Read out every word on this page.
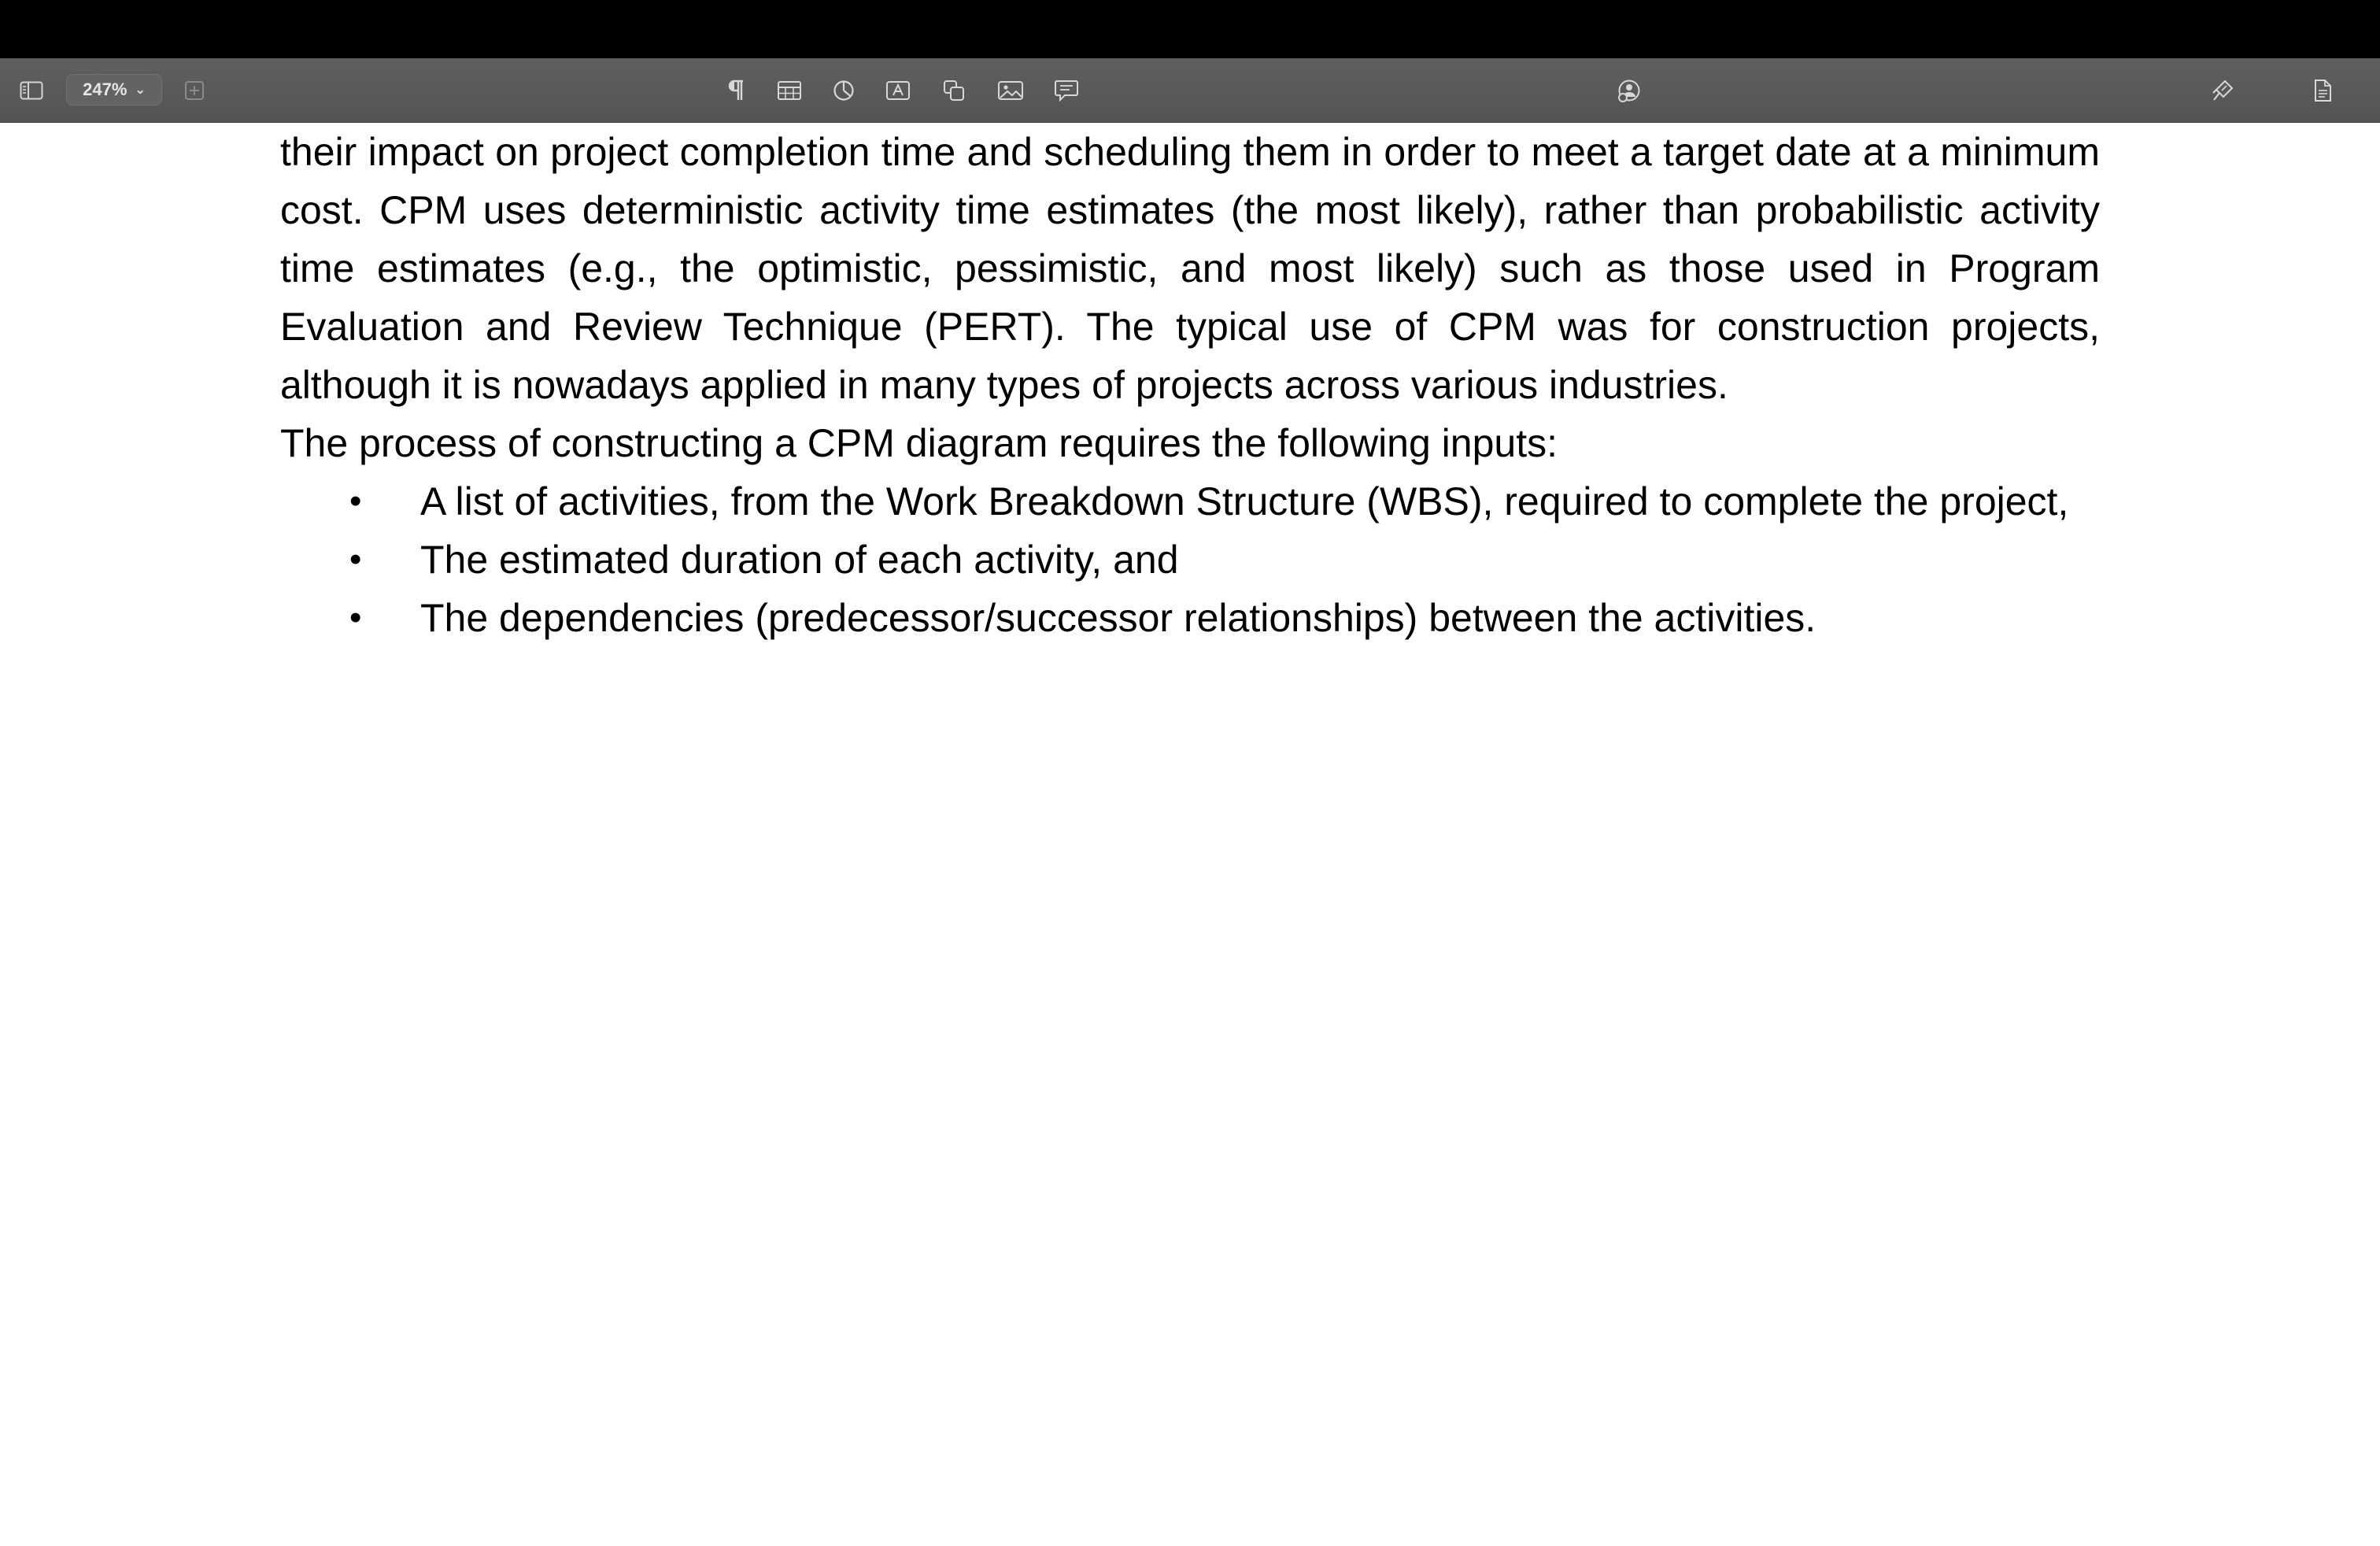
247% ⌄

their impact on project completion time and scheduling them in order to meet a target date at a minimum cost. CPM uses deterministic activity time estimates (the most likely), rather than probabilistic activity time estimates (e.g., the optimistic, pessimistic, and most likely) such as those used in Program Evaluation and Review Technique (PERT). The typical use of CPM was for construction projects, although it is nowadays applied in many types of projects across various industries.

The process of constructing a CPM diagram requires the following inputs:

• A list of activities, from the Work Breakdown Structure (WBS), required to complete the project,
• The estimated duration of each activity, and
• The dependencies (predecessor/successor relationships) between the activities.
